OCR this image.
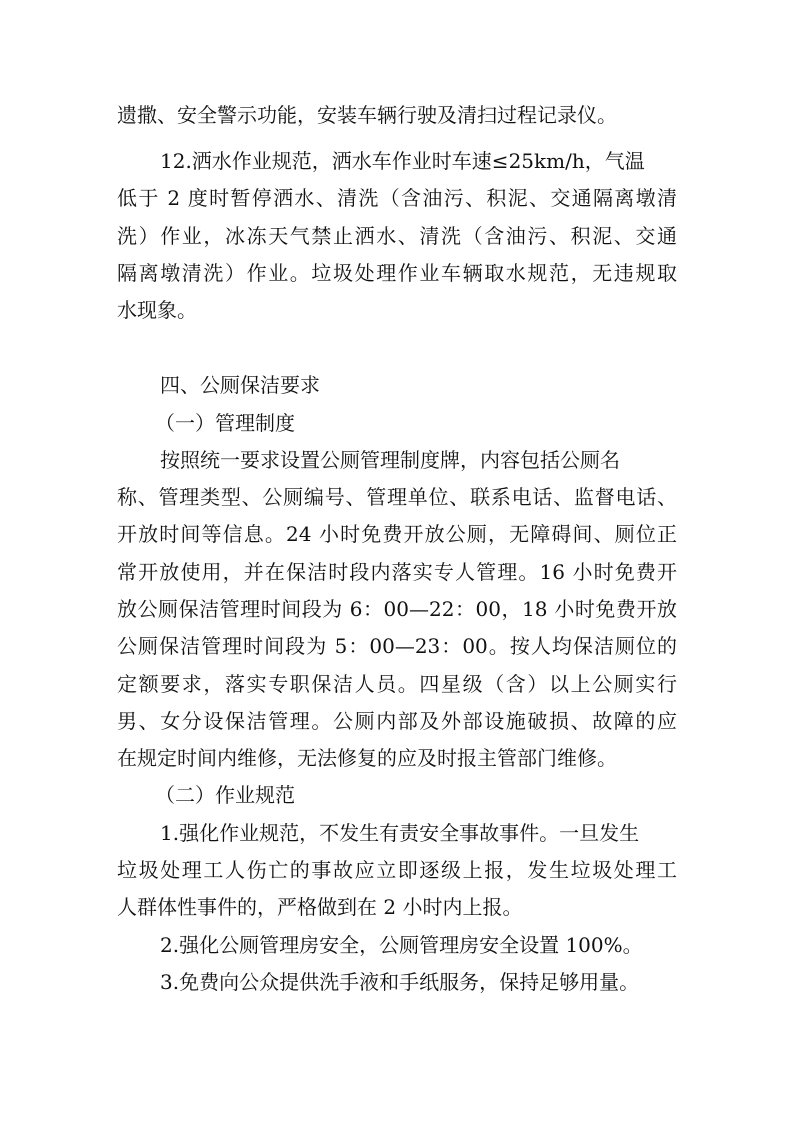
遗撒、安全警示功能，安装车辆行驶及清扫过程记录仪。
12.洒水作业规范，洒水车作业时车速≤25km/h，气温
低于 2 度时暂停洒水、清洗（含油污、积泥、交通隔离墩清
洗）作业，冰冻天气禁止洒水、清洗（含油污、积泥、交通
隔离墩清洗）作业。垃圾处理作业车辆取水规范，无违规取
水现象。
四、公厕保洁要求
（一）管理制度
按照统一要求设置公厕管理制度牌，内容包括公厕名
称、管理类型、公厕编号、管理单位、联系电话、监督电话、
开放时间等信息。24 小时免费开放公厕，无障碍间、厕位正
常开放使用，并在保洁时段内落实专人管理。16 小时免费开
放公厕保洁管理时间段为 6：00—22：00，18 小时免费开放
公厕保洁管理时间段为 5：00—23：00。按人均保洁厕位的
定额要求，落实专职保洁人员。四星级（含）以上公厕实行
男、女分设保洁管理。公厕内部及外部设施破损、故障的应
在规定时间内维修，无法修复的应及时报主管部门维修。
（二）作业规范
1.强化作业规范，不发生有责安全事故事件。一旦发生
垃圾处理工人伤亡的事故应立即逐级上报，发生垃圾处理工
人群体性事件的，严格做到在 2 小时内上报。
2.强化公厕管理房安全，公厕管理房安全设置 100%。
3.免费向公众提供洗手液和手纸服务，保持足够用量。
